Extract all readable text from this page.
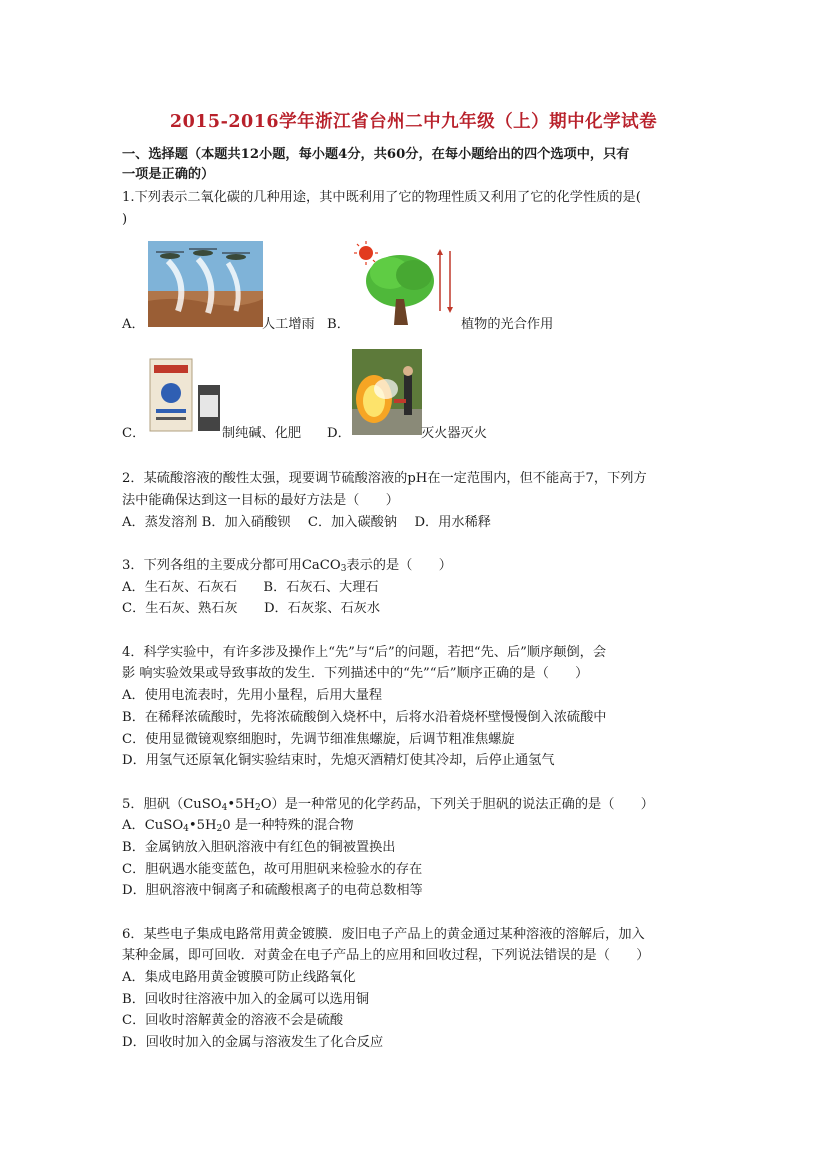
2015-2016学年浙江省台州二中九年级（上）期中化学试卷
一、选择题（本题共12小题，每小题4分，共60分，在每小题给出的四个选项中，只有
一项是正确的）
1.下列表示二氧化碳的几种用途，其中既利用了它的物理性质又利用了它的化学性质的是(
)
A．	人工增雨 B．	植物的光合作用
C．	制纯碱、化肥 D．	灭火器灭火
2．某硫酸溶液的酸性太强，现要调节硫酸溶液的pH在一定范围内，但不能高于7，下列方
法中能确保达到这一目标的最好方法是（　　）
A．蒸发溶剂 B．加入硝酸钡　 C．加入碳酸钠　 D．用水稀释
3．下列各组的主要成分都可用CaCO$_3$表示的是（　　）
A．生石灰、石灰石　　B．石灰石、大理石
C．生石灰、熟石灰　　D．石灰浆、石灰水
4．科学实验中，有许多涉及操作上“先”与“后”的问题，若把“先、后”顺序颠倒，会
影 响实验效果或导致事故的发生．下列描述中的“先”“后”顺序正确的是（　　）
A．使用电流表时，先用小量程，后用大量程
B．在稀释浓硫酸时，先将浓硫酸倒入烧杯中，后将水沿着烧杯壁慢慢倒入浓硫酸中
C．使用显微镜观察细胞时，先调节细准焦螺旋，后调节粗准焦螺旋
D．用氢气还原氧化铜实验结束时，先熄灭酒精灯使其冷却，后停止通氢气
5．胆矾$(CuSO_4•5H_2O)$是一种常见的化学药品，下列关于胆矾的说法正确的是（　　）
A．$CuSO_4•5H_20$ 是一种特殊的混合物
B．金属钠放入胆矾溶液中有红色的铜被置换出
C．胆矾遇水能变蓝色，故可用胆矾来检验水的存在
D．胆矾溶液中铜离子和硫酸根离子的电荷总数相等
6．某些电子集成电路常用黄金镀膜．废旧电子产品上的黄金通过某种溶液的溶解后，加入
某种金属，即可回收．对黄金在电子产品上的应用和回收过程，下列说法错误的是（　　）
A．集成电路用黄金镀膜可防止线路氧化
B．回收时往溶液中加入的金属可以选用铜
C．回收时溶解黄金的溶液不会是硫酸
D．回收时加入的金属与溶液发生了化合反应
